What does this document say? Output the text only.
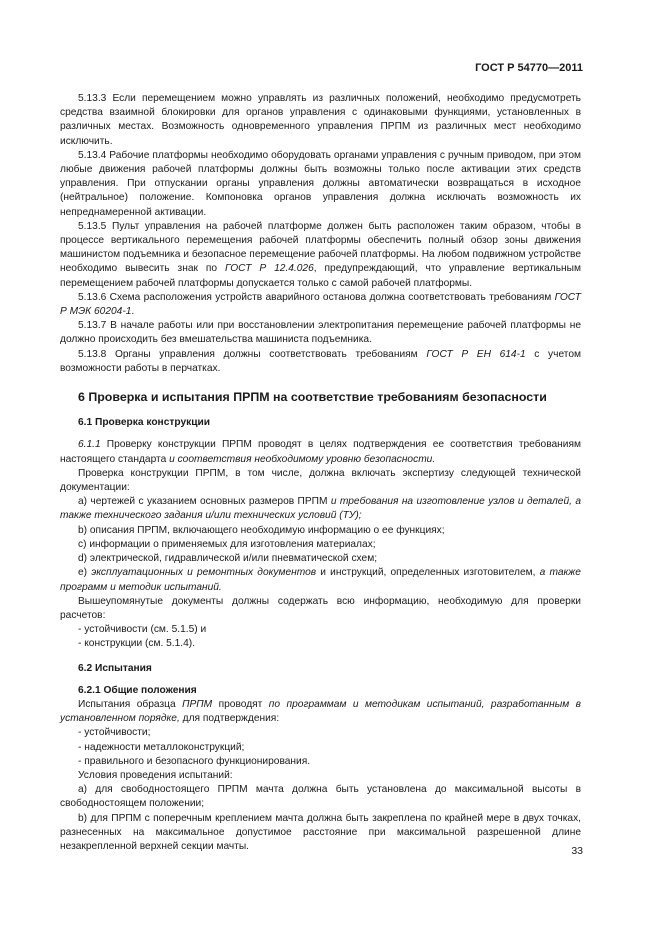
ГОСТ Р 54770—2011

5.13.3 Если перемещением можно управлять из различных положений, необходимо предусмотреть средства взаимной блокировки для органов управления с одинаковыми функциями, установленных в различных местах. Возможность одновременного управления ПРПМ из различных мест необходимо исключить.

5.13.4 Рабочие платформы необходимо оборудовать органами управления с ручным приводом, при этом любые движения рабочей платформы должны быть возможны только после активации этих средств управления. При отпускании органы управления должны автоматически возвращаться в исходное (нейтральное) положение. Компоновка органов управления должна исключать возможность их непреднамеренной активации.

5.13.5 Пульт управления на рабочей платформе должен быть расположен таким образом, чтобы в процессе вертикального перемещения рабочей платформы обеспечить полный обзор зоны движения машинистом подъемника и безопасное перемещение рабочей платформы. На любом подвижном устройстве необходимо вывесить знак по ГОСТ Р 12.4.026, предупреждающий, что управление вертикальным перемещением рабочей платформы допускается только с самой рабочей платформы.

5.13.6 Схема расположения устройств аварийного останова должна соответствовать требованиям ГОСТ Р МЭК 60204-1.

5.13.7 В начале работы или при восстановлении электропитания перемещение рабочей платформы не должно происходить без вмешательства машиниста подъемника.

5.13.8 Органы управления должны соответствовать требованиям ГОСТ Р ЕН 614-1 с учетом возможности работы в перчатках.

6 Проверка и испытания ПРПМ на соответствие требованиям безопасности

6.1 Проверка конструкции

6.1.1 Проверку конструкции ПРПМ проводят в целях подтверждения ее соответствия требованиям настоящего стандарта и соответствия необходимому уровню безопасности.

Проверка конструкции ПРПМ, в том числе, должна включать экспертизу следующей технической документации:

a) чертежей с указанием основных размеров ПРПМ и требования на изготовление узлов и деталей, а также технического задания и/или технических условий (ТУ);

b) описания ПРПМ, включающего необходимую информацию о ее функциях;

c) информации о применяемых для изготовления материалах;

d) электрической, гидравлической и/или пневматической схем;

e) эксплуатационных и ремонтных документов и инструкций, определенных изготовителем, а также программ и методик испытаний.

Вышеупомянутые документы должны содержать всю информацию, необходимую для проверки расчетов:

- устойчивости (см. 5.1.5) и

- конструкции (см. 5.1.4).

6.2 Испытания

6.2.1 Общие положения

Испытания образца ПРПМ проводят по программам и методикам испытаний, разработанным в установленном порядке, для подтверждения:

- устойчивости;

- надежности металлоконструкций;

- правильного и безопасного функционирования.

Условия проведения испытаний:

a) для свободностоящего ПРПМ мачта должна быть установлена до максимальной высоты в свободностоящем положении;

b) для ПРПМ с поперечным креплением мачта должна быть закреплена по крайней мере в двух точках, разнесенных на максимальное допустимое расстояние при максимальной разрешенной длине незакрепленной верхней секции мачты.	33
